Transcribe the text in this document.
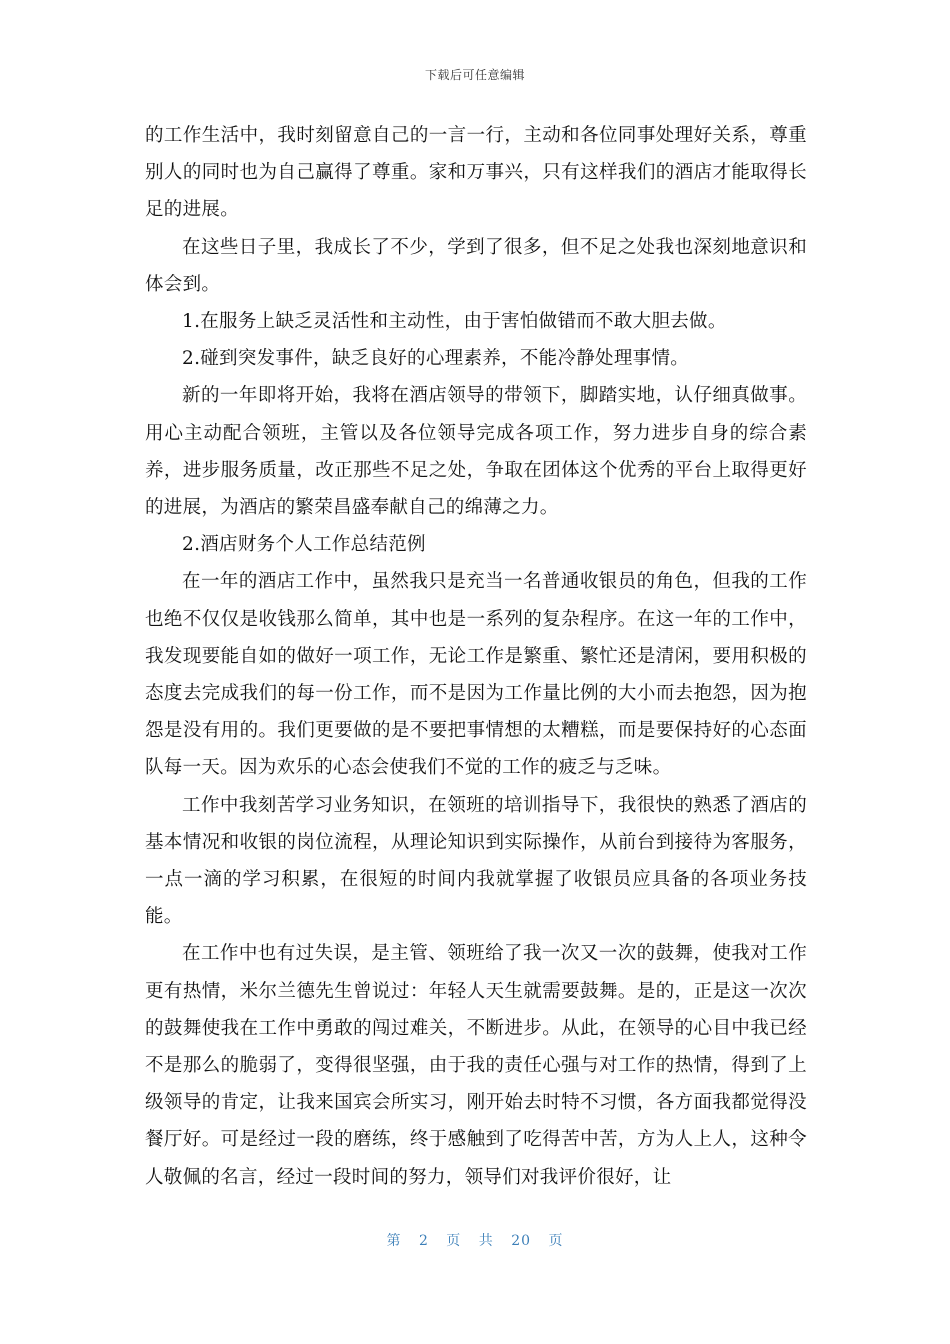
下载后可任意编辑

的工作生活中，我时刻留意自己的一言一行，主动和各位同事处理好关系，尊重别人的同时也为自己赢得了尊重。家和万事兴，只有这样我们的酒店才能取得长足的进展。

在这些日子里，我成长了不少，学到了很多，但不足之处我也深刻地意识和体会到。

1.在服务上缺乏灵活性和主动性，由于害怕做错而不敢大胆去做。

2.碰到突发事件，缺乏良好的心理素养，不能冷静处理事情。

新的一年即将开始，我将在酒店领导的带领下，脚踏实地，认仔细真做事。用心主动配合领班，主管以及各位领导完成各项工作，努力进步自身的综合素养，进步服务质量，改正那些不足之处，争取在团体这个优秀的平台上取得更好的进展，为酒店的繁荣昌盛奉献自己的绵薄之力。

2.酒店财务个人工作总结范例

在一年的酒店工作中，虽然我只是充当一名普通收银员的角色，但我的工作也绝不仅仅是收钱那么简单，其中也是一系列的复杂程序。在这一年的工作中，我发现要能自如的做好一项工作，无论工作是繁重、繁忙还是清闲，要用积极的态度去完成我们的每一份工作，而不是因为工作量比例的大小而去抱怨，因为抱怨是没有用的。我们更要做的是不要把事情想的太糟糕，而是要保持好的心态面队每一天。因为欢乐的心态会使我们不觉的工作的疲乏与乏味。

工作中我刻苦学习业务知识，在领班的培训指导下，我很快的熟悉了酒店的基本情况和收银的岗位流程，从理论知识到实际操作，从前台到接待为客服务，一点一滴的学习积累，在很短的时间内我就掌握了收银员应具备的各项业务技能。

在工作中也有过失误，是主管、领班给了我一次又一次的鼓舞，使我对工作更有热情，米尔兰德先生曾说过：年轻人天生就需要鼓舞。是的，正是这一次次的鼓舞使我在工作中勇敢的闯过难关，不断进步。从此，在领导的心目中我已经不是那么的脆弱了，变得很坚强，由于我的责任心强与对工作的热情，得到了上级领导的肯定，让我来国宾会所实习，刚开始去时特不习惯，各方面我都觉得没餐厅好。可是经过一段的磨练，终于感触到了吃得苦中苦，方为人上人，这种令人敬佩的名言，经过一段时间的努力，领导们对我评价很好，让

第 2 页 共 20 页
